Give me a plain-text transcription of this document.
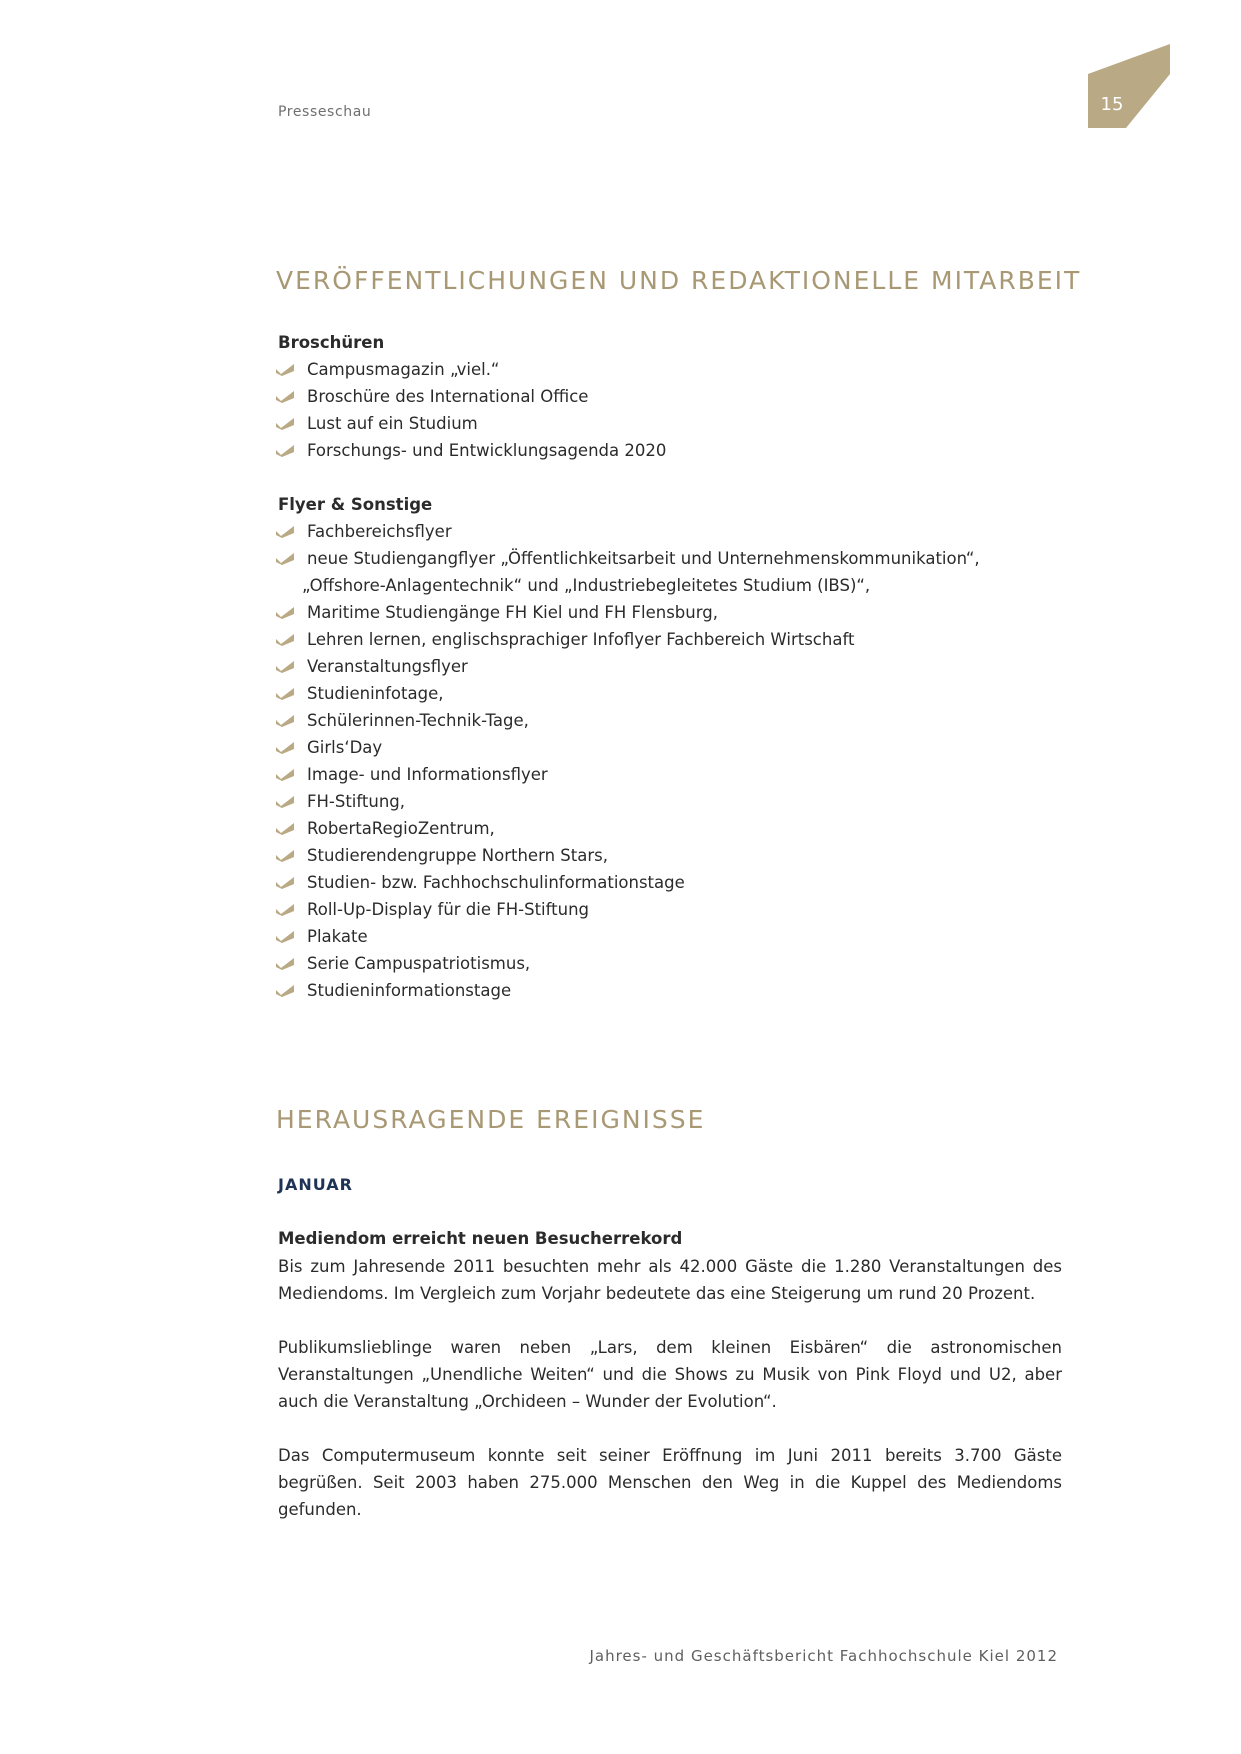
Presseschau	15
VERÖFFENTLICHUNGEN UND REDAKTIONELLE MITARBEIT
Broschüren
Campusmagazin „viel.“
Broschüre des International Office
Lust auf ein Studium
Forschungs- und Entwicklungsagenda 2020
Flyer & Sonstige
Fachbereichsflyer
neue Studiengangflyer „Öffentlichkeitsarbeit und Unternehmenskommunikation“,
„Offshore-Anlagentechnik“ und „Industriebegleitetes Studium (IBS)“,
Maritime Studiengänge FH Kiel und FH Flensburg,
Lehren lernen, englischsprachiger Infoflyer Fachbereich Wirtschaft
Veranstaltungsflyer
Studieninfotage,
Schülerinnen-Technik-Tage,
Girls‘Day
Image- und Informationsflyer
FH-Stiftung,
RobertaRegioZentrum,
Studierendengruppe Northern Stars,
Studien- bzw. Fachhochschulinformationstage
Roll-Up-Display für die FH-Stiftung
Plakate
Serie Campuspatriotismus,
Studieninformationstage
HERAUSRAGENDE EREIGNISSE
JANUAR
Mediendom erreicht neuen Besucherrekord

Bis zum Jahresende 2011 besuchten mehr als 42.000 Gäste die 1.280 Veranstaltungen des Mediendoms. Im Vergleich zum Vorjahr bedeutete das eine Steigerung um rund 20 Prozent.

Publikumslieblinge waren neben „Lars, dem kleinen Eisbären“ die astronomischen Veranstaltungen „Unendliche Weiten“ und die Shows zu Musik von Pink Floyd und U2, aber auch die Veranstaltung „Orchideen – Wunder der Evolution“.

Das Computermuseum konnte seit seiner Eröffnung im Juni 2011 bereits 3.700 Gäste begrüßen. Seit 2003 haben 275.000 Menschen den Weg in die Kuppel des Mediendoms gefunden.

Jahres- und Geschäftsbericht Fachhochschule Kiel 2012
